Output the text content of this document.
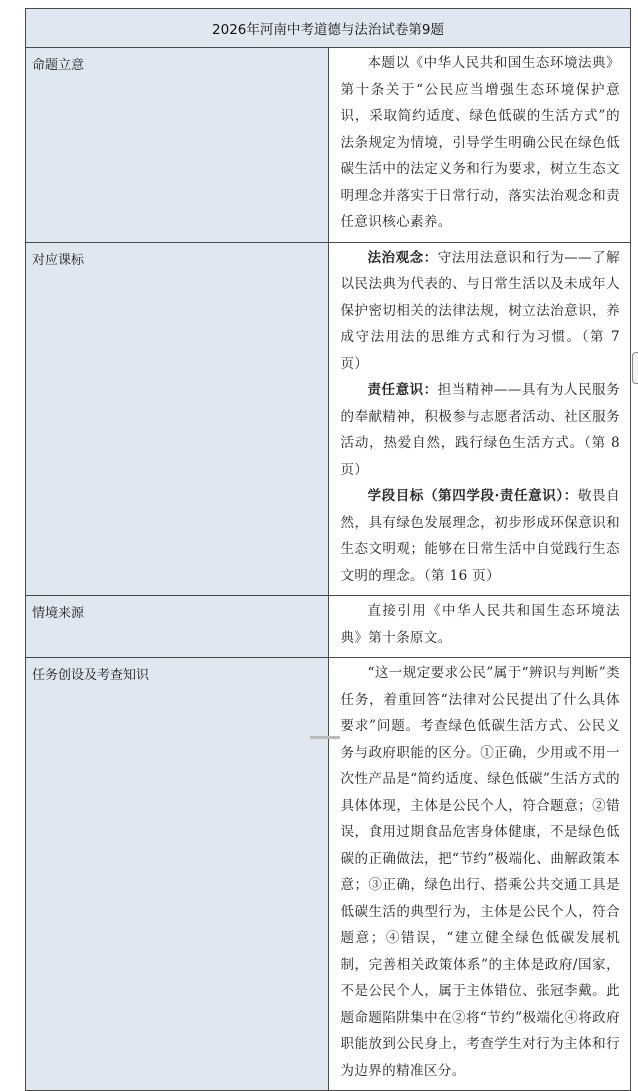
2026年河南中考道德与法治试卷第9题	
命题立意	本题以《中华人民共和国生态环境法典》第十条关于“公民应当增强生态环境保护意识，采取简约适度、绿色低碳的生活方式”的法条规定为情境，引导学生明确公民在绿色低碳生活中的法定义务和行为要求，树立生态文明理念并落实于日常行动，落实法治观念和责任意识核心素养。

对应课标	法治观念：守法用法意识和行为——了解以民法典为代表的、与日常生活以及未成年人保护密切相关的法律法规，树立法治意识，养成守法用法的思维方式和行为习惯。（第 7 页）

责任意识：担当精神——具有为人民服务的奉献精神，积极参与志愿者活动、社区服务活动，热爱自然，践行绿色生活方式。（第 8 页）

学段目标（第四学段·责任意识）：敬畏自然，具有绿色发展理念，初步形成环保意识和生态文明观；能够在日常生活中自觉践行生态文明的理念。（第 16 页）

情境来源	直接引用《中华人民共和国生态环境法典》第十条原文。

任务创设及考查知识	“这一规定要求公民”属于“辨识与判断”类任务，着重回答“法律对公民提出了什么具体要求”问题。考查绿色低碳生活方式、公民义务与政府职能的区分。①正确，少用或不用一次性产品是“简约适度、绿色低碳”生活方式的具体体现，主体是公民个人，符合题意；②错误，食用过期食品危害身体健康，不是绿色低碳的正确做法，把“节约”极端化、曲解政策本意；③正确，绿色出行、搭乘公共交通工具是低碳生活的典型行为，主体是公民个人，符合题意；④错误，“建立健全绿色低碳发展机制，完善相关政策体系”的主体是政府/国家，不是公民个人，属于主体错位、张冠李戴。此题命题陷阱集中在②将“节约”极端化④将政府职能放到公民身上，考查学生对行为主体和行为边界的精准区分。
